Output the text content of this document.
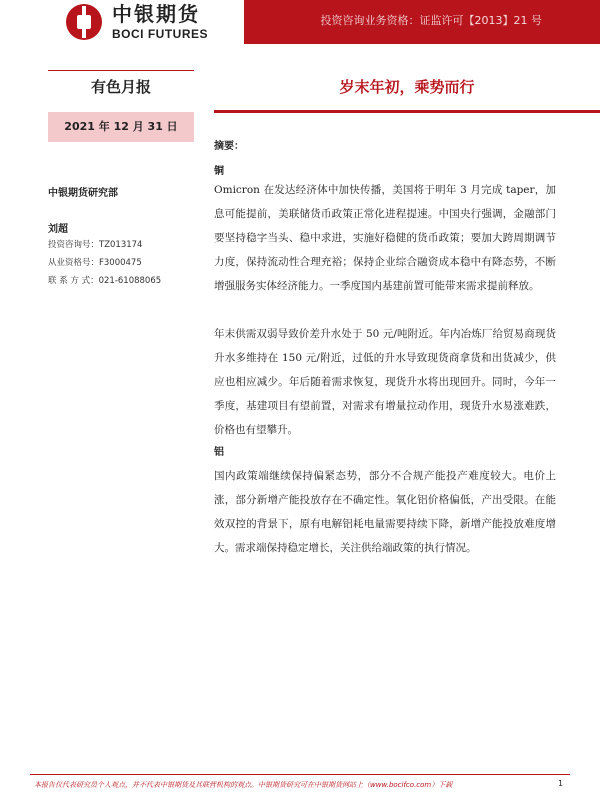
中银期货
BOCI FUTURES
投资咨询业务资格：证监许可【2013】21 号
有色月报
2021 年 12 月 31 日
中银期货研究部
刘超
投资咨询号：TZ013174
从业资格号：F3000475
联 系 方 式：021-61088065
岁末年初，乘势而行
摘要：
铜
Omicron 在发达经济体中加快传播，美国将于明年 3 月完成 taper，加息可能提前，美联储货币政策正常化进程提速。中国央行强调，金融部门要坚持稳字当头、稳中求进，实施好稳健的货币政策；要加大跨周期调节力度，保持流动性合理充裕；保持企业综合融资成本稳中有降态势，不断增强服务实体经济能力。一季度国内基建前置可能带来需求提前释放。
年末供需双弱导致价差升水处于 50 元/吨附近。年内冶炼厂给贸易商现货升水多维持在 150 元/附近，过低的升水导致现货商拿货和出货减少，供应也相应减少。年后随着需求恢复，现货升水将出现回升。同时，今年一季度，基建项目有望前置，对需求有增量拉动作用，现货升水易涨难跌，价格也有望攀升。
铝
国内政策端继续保持偏紧态势，部分不合规产能投产难度较大。电价上涨，部分新增产能投放存在不确定性。氧化铝价格偏低，产出受限。在能效双控的背景下，原有电解铝耗电量需要持续下降，新增产能投放难度增大。需求端保持稳定增长，关注供给端政策的执行情况。
本报告仅代表研究员个人观点，并不代表中银期货及其联营机构的观点。中银期货研究可在中银期货网站上（www.bocifco.com）下载	1
